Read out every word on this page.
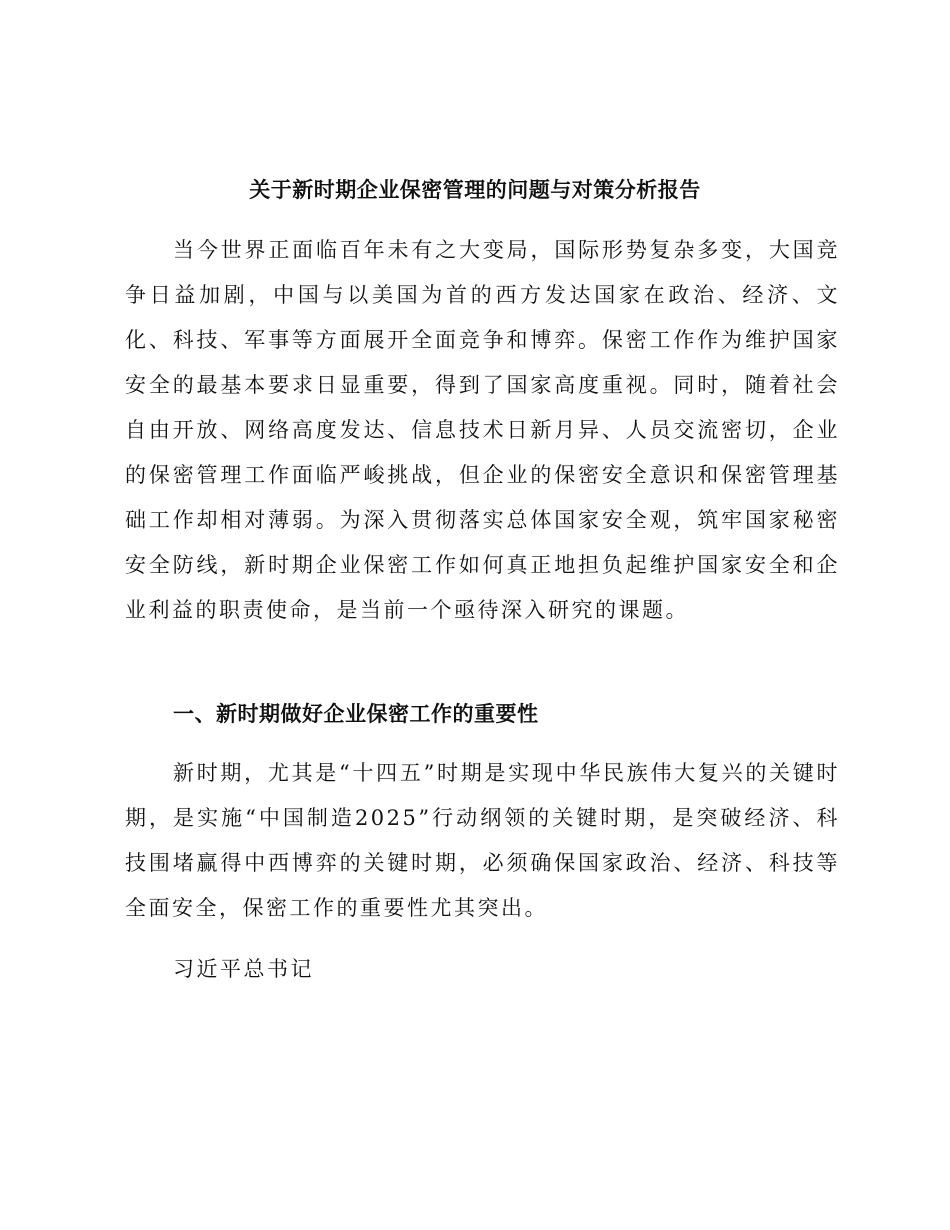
关于新时期企业保密管理的问题与对策分析报告

当今世界正面临百年未有之大变局，国际形势复杂多变，大国竞争日益加剧，中国与以美国为首的西方发达国家在政治、经济、文化、科技、军事等方面展开全面竞争和博弈。保密工作作为维护国家安全的最基本要求日显重要，得到了国家高度重视。同时，随着社会自由开放、网络高度发达、信息技术日新月异、人员交流密切，企业的保密管理工作面临严峻挑战，但企业的保密安全意识和保密管理基础工作却相对薄弱。为深入贯彻落实总体国家安全观，筑牢国家秘密安全防线，新时期企业保密工作如何真正地担负起维护国家安全和企业利益的职责使命，是当前一个亟待深入研究的课题。

一、新时期做好企业保密工作的重要性

新时期，尤其是“十四五”时期是实现中华民族伟大复兴的关键时期，是实施“中国制造2025”行动纲领的关键时期，是突破经济、科技围堵赢得中西博弈的关键时期，必须确保国家政治、经济、科技等全面安全，保密工作的重要性尤其突出。

习近平总书记
